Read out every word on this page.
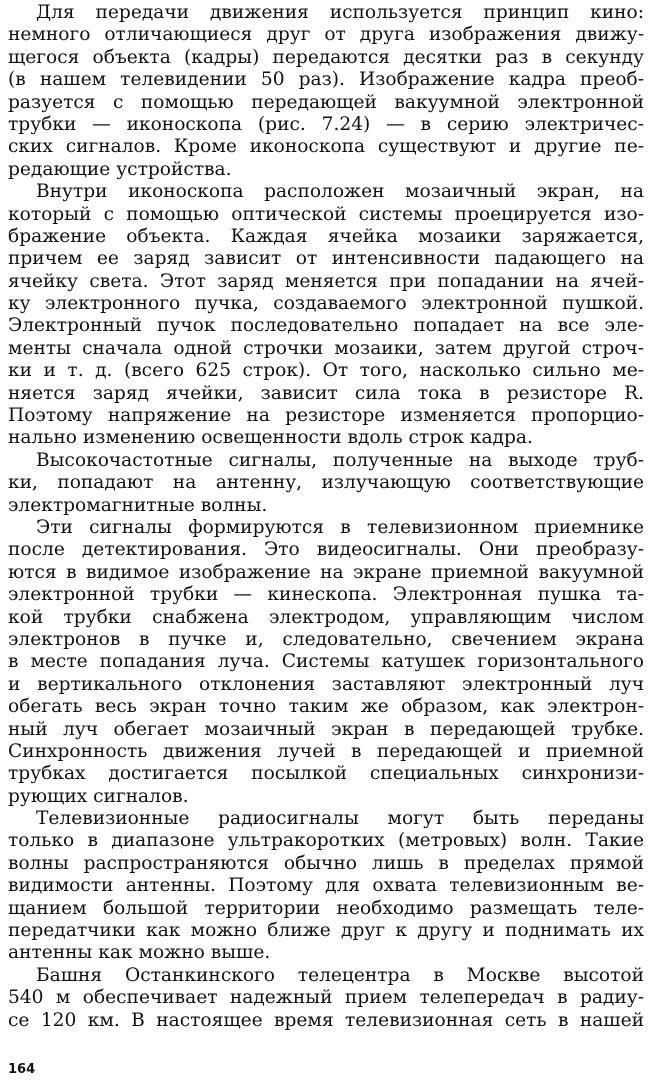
Для передачи движения используется принцип кино:
немного отличающиеся друг от друга изображения движу-
щегося объекта (кадры) передаются десятки раз в секунду
(в нашем телевидении 50 раз). Изображение кадра преоб-
разуется с помощью передающей вакуумной электронной
трубки — иконоскопа (рис. 7.24) — в серию электричес-
ских сигналов. Кроме иконоскопа существуют и другие пе-
редающие устройства.
Внутри иконоскопа расположен мозаичный экран, на
который с помощью оптической системы проецируется изо-
бражение объекта. Каждая ячейка мозаики заряжается,
причем ее заряд зависит от интенсивности падающего на
ячейку света. Этот заряд меняется при попадании на ячей-
ку электронного пучка, создаваемого электронной пушкой.
Электронный пучок последовательно попадает на все эле-
менты сначала одной строчки мозаики, затем другой строч-
ки и т. д. (всего 625 строк). От того, насколько сильно ме-
няется заряд ячейки, зависит сила тока в резисторе R.
Поэтому напряжение на резисторе изменяется пропорцио-
нально изменению освещенности вдоль строк кадра.
Высокочастотные сигналы, полученные на выходе труб-
ки, попадают на антенну, излучающую соответствующие
электромагнитные волны.
Эти сигналы формируются в телевизионном приемнике
после детектирования. Это видеосигналы. Они преобразу-
ются в видимое изображение на экране приемной вакуумной
электронной трубки — кинескопа. Электронная пушка та-
кой трубки снабжена электродом, управляющим числом
электронов в пучке и, следовательно, свечением экрана
в месте попадания луча. Системы катушек горизонтального
и вертикального отклонения заставляют электронный луч
обегать весь экран точно таким же образом, как электрон-
ный луч обегает мозаичный экран в передающей трубке.
Синхронность движения лучей в передающей и приемной
трубках достигается посылкой специальных синхронизи-
рующих сигналов.
Телевизионные радиосигналы могут быть переданы
только в диапазоне ультракоротких (метровых) волн. Такие
волны распространяются обычно лишь в пределах прямой
видимости антенны. Поэтому для охвата телевизионным ве-
щанием большой территории необходимо размещать теле-
передатчики как можно ближе друг к другу и поднимать их
антенны как можно выше.
Башня Останкинского телецентра в Москве высотой
540 м обеспечивает надежный прием телепередач в радиу-
се 120 км. В настоящее время телевизионная сеть в нашей
164
